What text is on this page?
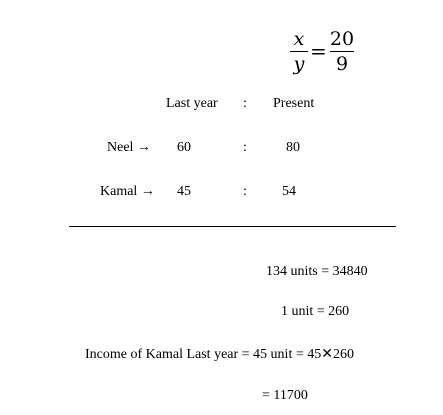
x
y
= 20
9
Last year : Present
Neel → 60	:	80
Kamal → 45	:	54
134 units = 34840
1 unit = 260
Income of Kamal Last year = 45 unit = 45✕260
= 11700
